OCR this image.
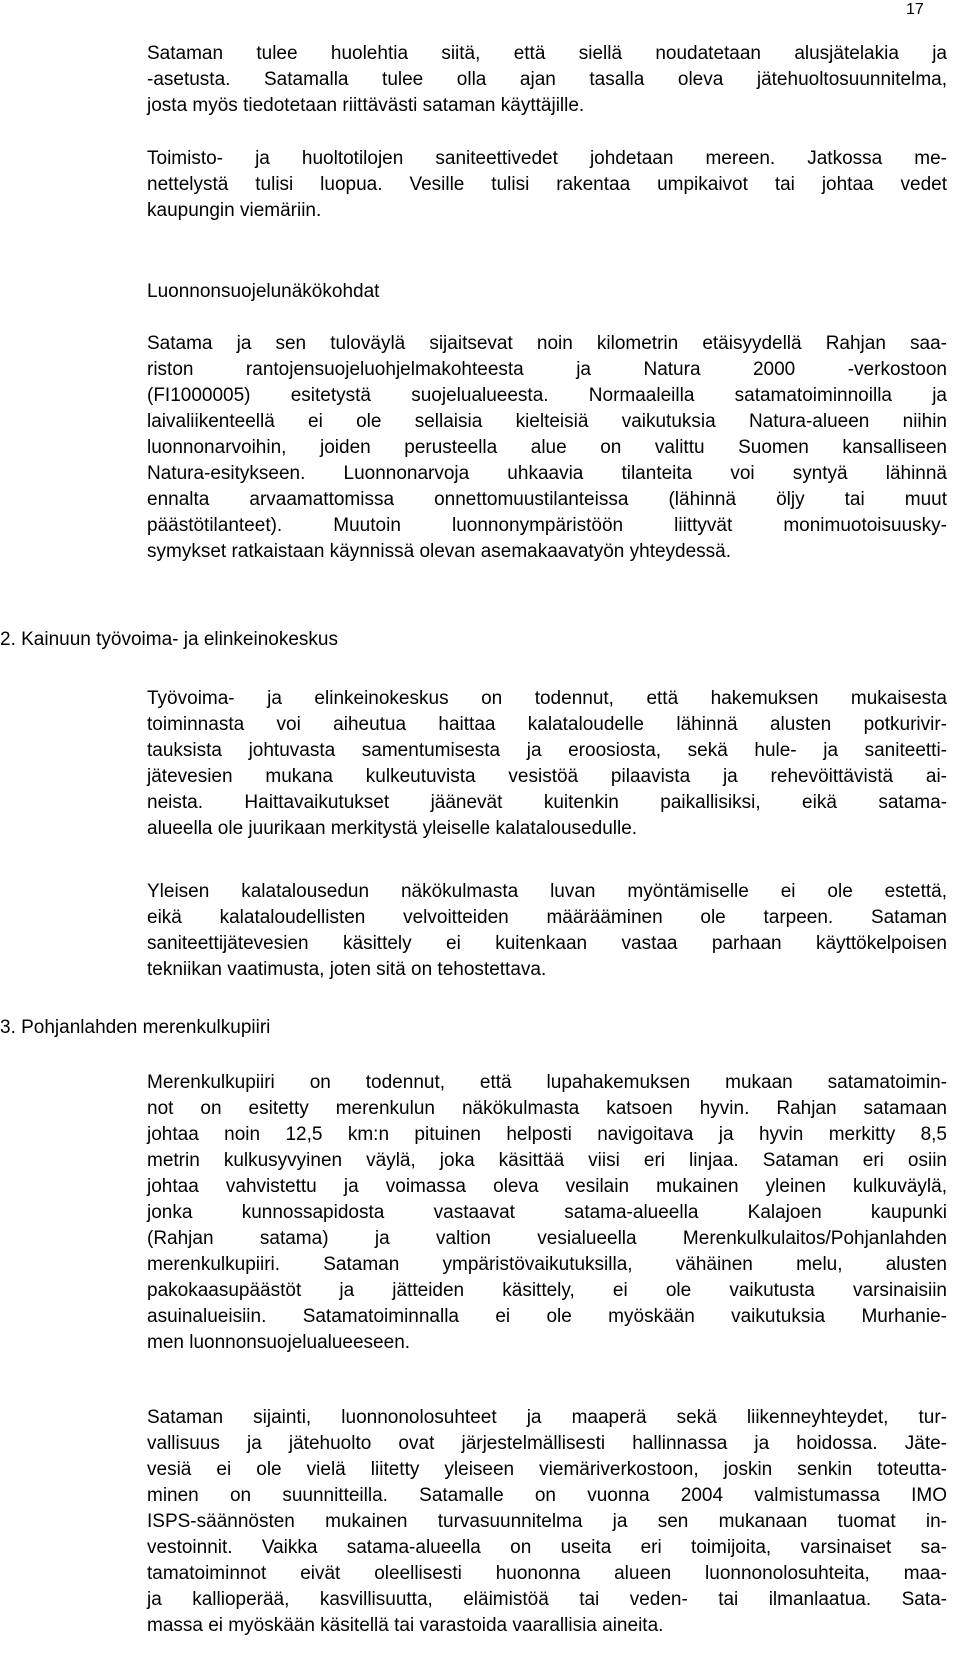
17
Sataman tulee huolehtia siitä, että siellä noudatetaan alusjätelakia ja
-asetusta. Satamalla tulee olla ajan tasalla oleva jätehuoltosuunnitelma,
josta myös tiedotetaan riittävästi sataman käyttäjille.
Toimisto- ja huoltotilojen saniteettivedet johdetaan mereen. Jatkossa me-
nettelystä tulisi luopua. Vesille tulisi rakentaa umpikaivot tai johtaa vedet
kaupungin viemäriin.
Luonnonsuojelunäkökohdat
Satama ja sen tuloväylä sijaitsevat noin kilometrin etäisyydellä Rahjan saa-
riston rantojensuojeluohjelmakohteesta ja Natura 2000 -verkostoon
(FI1000005) esitetystä suojelualueesta. Normaaleilla satamatoiminnoilla ja
laivaliikenteellä ei ole sellaisia kielteisiä vaikutuksia Natura-alueen niihin
luonnonarvoihin, joiden perusteella alue on valittu Suomen kansalliseen
Natura-esitykseen. Luonnonarvoja uhkaavia tilanteita voi syntyä lähinnä
ennalta arvaamattomissa onnettomuustilanteissa (lähinnä öljy tai muut
päästötilanteet). Muutoin luonnonympäristöön liittyvät monimuotoisuusky-
symykset ratkaistaan käynnissä olevan asemakaavatyön yhteydessä.
2. Kainuun työvoima- ja elinkeinokeskus
Työvoima- ja elinkeinokeskus on todennut, että hakemuksen mukaisesta
toiminnasta voi aiheutua haittaa kalataloudelle lähinnä alusten potkurivir-
tauksista johtuvasta samentumisesta ja eroosiosta, sekä hule- ja saniteetti-
jätevesien mukana kulkeutuvista vesistöä pilaavista ja rehevöittävistä ai-
neista. Haittavaikutukset jäänevät kuitenkin paikallisiksi, eikä satama-
alueella ole juurikaan merkitystä yleiselle kalatalousedulle.
Yleisen kalatalousedun näkökulmasta luvan myöntämiselle ei ole estettä,
eikä kalataloudellisten velvoitteiden määrääminen ole tarpeen. Sataman
saniteettijätevesien käsittely ei kuitenkaan vastaa parhaan käyttökelpoisen
tekniikan vaatimusta, joten sitä on tehostettava.
3. Pohjanlahden merenkulkupiiri
Merenkulkupiiri on todennut, että lupahakemuksen mukaan satamatoimin-
not on esitetty merenkulun näkökulmasta katsoen hyvin. Rahjan satamaan
johtaa noin 12,5 km:n pituinen helposti navigoitava ja hyvin merkitty 8,5
metrin kulkusyvyinen väylä, joka käsittää viisi eri linjaa. Sataman eri osiin
johtaa vahvistettu ja voimassa oleva vesilain mukainen yleinen kulkuväylä,
jonka kunnossapidosta vastaavat satama-alueella Kalajoen kaupunki
(Rahjan satama) ja valtion vesialueella Merenkulkulaitos/Pohjanlahden
merenkulkupiiri. Sataman ympäristövaikutuksilla, vähäinen melu, alusten
pakokaasupäästöt ja jätteiden käsittely, ei ole vaikutusta varsinaisiin
asuinalueisiin. Satamatoiminnalla ei ole myöskään vaikutuksia Murhanie-
men luonnonsuojelualueeseen.
Sataman sijainti, luonnonolosuhteet ja maaperä sekä liikenneyhteydet, tur-
vallisuus ja jätehuolto ovat järjestelmällisesti hallinnassa ja hoidossa. Jäte-
vesiä ei ole vielä liitetty yleiseen viemäriverkostoon, joskin senkin toteutta-
minen on suunnitteilla. Satamalle on vuonna 2004 valmistumassa IMO
ISPS-säännösten mukainen turvasuunnitelma ja sen mukanaan tuomat in-
vestoinnit. Vaikka satama-alueella on useita eri toimijoita, varsinaiset sa-
tamatoiminnot eivät oleellisesti huononna alueen luonnonolosuhteita, maa-
ja kallioperää, kasvillisuutta, eläimistöä tai veden- tai ilmanlaatua. Sata-
massa ei myöskään käsitellä tai varastoida vaarallisia aineita.
